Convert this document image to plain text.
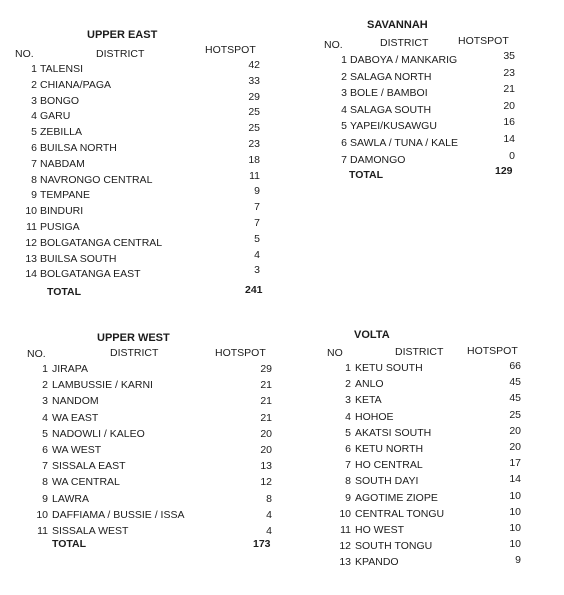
UPPER EAST
NO.	DISTRICT	HOTSPOT
1 TALENSI	42
2 CHIANA/PAGA	33
3 BONGO	29
4 GARU	25
5 ZEBILLA	25
6 BUILSA NORTH	23
7 NABDAM	18
8 NAVRONGO CENTRAL	11
9 TEMPANE	9
10 BINDURI	7
11 PUSIGA	7
12 BOLGATANGA CENTRAL	5
13 BUILSA SOUTH	4
14 BOLGATANGA EAST	3
TOTAL	241
SAVANNAH
NO.	DISTRICT	HOTSPOT
1 DABOYA / MANKARIG	35
2 SALAGA NORTH	23
3 BOLE / BAMBOI	21
4 SALAGA SOUTH	20
5 YAPEI/KUSAWGU	16
6 SAWLA / TUNA / KALE	14
7 DAMONGO	0
TOTAL	129
UPPER WEST
NO.	DISTRICT	HOTSPOT
1 JIRAPA	29
2 LAMBUSSIE / KARNI	21
3 NANDOM	21
4 WA EAST	21
5 NADOWLI / KALEO	20
6 WA WEST	20
7 SISSALA EAST	13
8 WA CENTRAL	12
9 LAWRA	8
10 DAFFIAMA / BUSSIE / ISSA	4
11 SISSALA WEST	4
TOTAL	173
VOLTA
NO	DISTRICT HOTSPOT
1 KETU SOUTH	66
2 ANLO	45
3 KETA	45
4 HOHOE	25
5 AKATSI SOUTH	20
6 KETU NORTH	20
7 HO CENTRAL	17
8 SOUTH DAYI	14
9 AGOTIME ZIOPE	10
10 CENTRAL TONGU	10
11 HO WEST	10
12 SOUTH TONGU	10
13 KPANDO	9
